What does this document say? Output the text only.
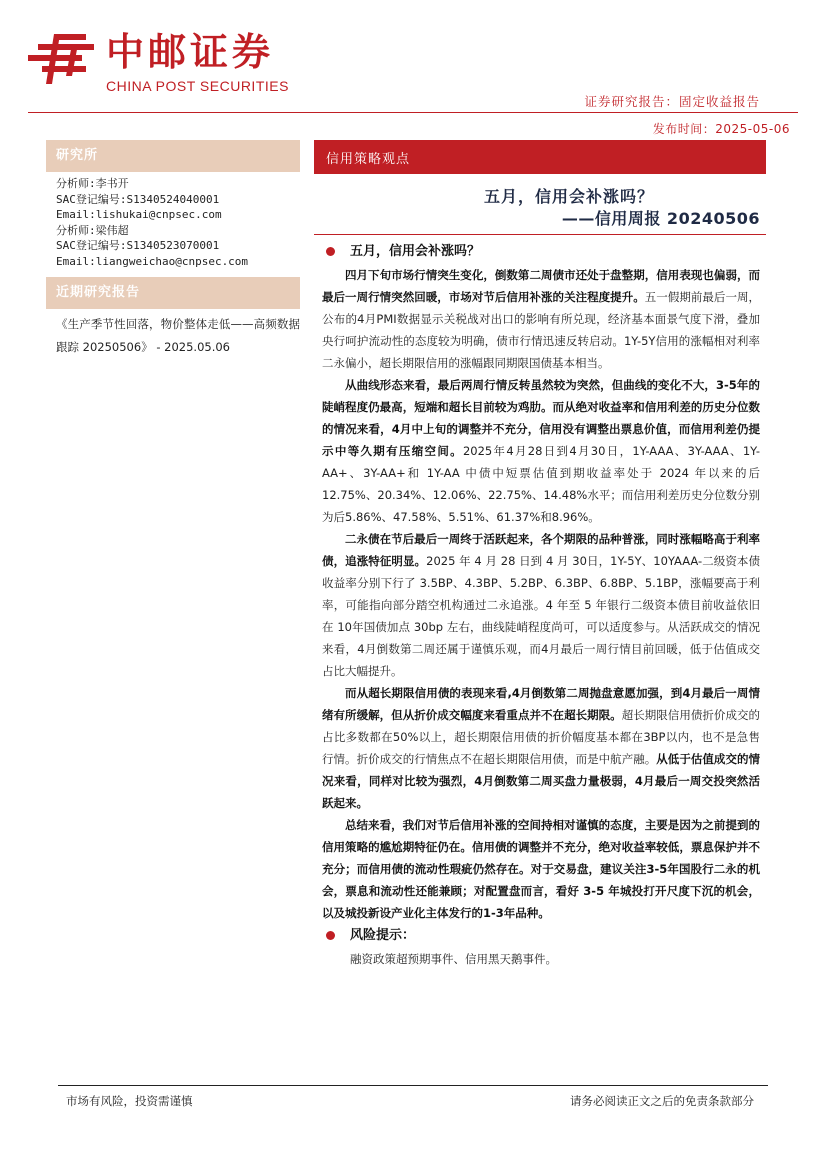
中邮证券
CHINA POST SECURITIES
证券研究报告：固定收益报告
发布时间：2025-05-06
研究所
分析师:李书开
SAC登记编号:S1340524040001
Email:lishukai@cnpsec.com
分析师:梁伟超
SAC登记编号:S1340523070001
Email:liangweichao@cnpsec.com
近期研究报告
《生产季节性回落，物价整体走低——高频数据跟踪 20250506》 - 2025.05.06
信用策略观点
五月，信用会补涨吗？
——信用周报 20240506
五月，信用会补涨吗？

四月下旬市场行情突生变化，倒数第二周债市还处于盘整期，信用表现也偏弱，而最后一周行情突然回暖，市场对节后信用补涨的关注程度提升。五一假期前最后一周，公布的4月PMI数据显示关税战对出口的影响有所兑现，经济基本面景气度下滑，叠加央行呵护流动性的态度较为明确，债市行情迅速反转启动。1Y-5Y信用的涨幅相对利率二永偏小，超长期限信用的涨幅跟同期限国债基本相当。

从曲线形态来看，最后两周行情反转虽然较为突然，但曲线的变化不大，3-5年的陡峭程度仍最高，短端和超长目前较为鸡肋。而从绝对收益率和信用利差的历史分位数的情况来看，4月中上旬的调整并不充分，信用没有调整出票息价值，而信用利差仍提示中等久期有压缩空间。2025年4月28日到4月30日，1Y-AAA、3Y-AAA、1Y-AA+、3Y-AA+和 1Y-AA 中债中短票估值到期收益率处于 2024 年以来的后12.75%、20.34%、12.06%、22.75%、14.48%水平；而信用利差历史分位数分别为后5.86%、47.58%、5.51%、61.37%和8.96%。

二永债在节后最后一周终于活跃起来，各个期限的品种普涨，同时涨幅略高于利率债，追涨特征明显。2025 年 4 月 28 日到 4 月 30日，1Y-5Y、10YAAA-二级资本债收益率分别下行了 3.5BP、4.3BP、5.2BP、6.3BP、6.8BP、5.1BP，涨幅要高于利率，可能指向部分踏空机构通过二永追涨。4 年至 5 年银行二级资本债目前收益依旧在 10年国债加点 30bp 左右，曲线陡峭程度尚可，可以适度参与。从活跃成交的情况来看，4月倒数第二周还属于谨慎乐观，而4月最后一周行情目前回暖，低于估值成交占比大幅提升。

而从超长期限信用债的表现来看,4月倒数第二周抛盘意愿加强，到4月最后一周情绪有所缓解，但从折价成交幅度来看重点并不在超长期限。超长期限信用债折价成交的占比多数都在50%以上，超长期限信用债的折价幅度基本都在3BP以内，也不是急售行情。折价成交的行情焦点不在超长期限信用债，而是中航产融。从低于估值成交的情况来看，同样对比较为强烈，4月倒数第二周买盘力量极弱，4月最后一周交投突然活跃起来。

总结来看，我们对节后信用补涨的空间持相对谨慎的态度，主要是因为之前提到的信用策略的尴尬期特征仍在。信用债的调整并不充分，绝对收益率较低，票息保护并不充分；而信用债的流动性瑕疵仍然存在。对于交易盘，建议关注3-5年国股行二永的机会，票息和流动性还能兼顾；对配置盘而言，看好 3-5 年城投打开尺度下沉的机会，以及城投新设产业化主体发行的1-3年品种。

风险提示：

融资政策超预期事件、信用黑天鹅事件。

市场有风险，投资需谨慎	请务必阅读正文之后的免责条款部分
